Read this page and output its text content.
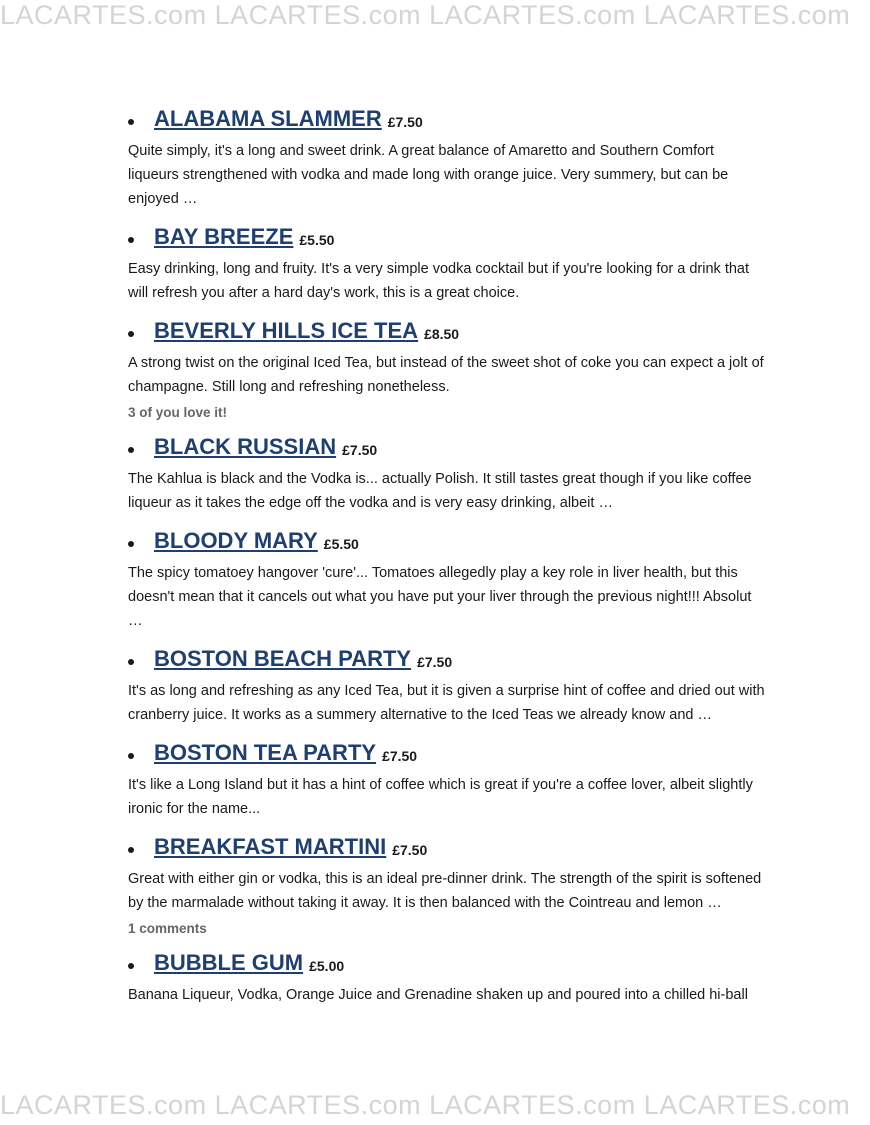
LACARTES.com LACARTES.com LACARTES.com LACARTES.com
ALABAMA SLAMMER £7.50

Quite simply, it's a long and sweet drink. A great balance of Amaretto and Southern Comfort liqueurs strengthened with vodka and made long with orange juice. Very summery, but can be enjoyed …

BAY BREEZE £5.50

Easy drinking, long and fruity. It's a very simple vodka cocktail but if you're looking for a drink that will refresh you after a hard day's work, this is a great choice.

BEVERLY HILLS ICE TEA £8.50

A strong twist on the original Iced Tea, but instead of the sweet shot of coke you can expect a jolt of champagne. Still long and refreshing nonetheless.

3 of you love it!
BLACK RUSSIAN £7.50

The Kahlua is black and the Vodka is... actually Polish. It still tastes great though if you like coffee liqueur as it takes the edge off the vodka and is very easy drinking, albeit …

BLOODY MARY £5.50

The spicy tomatoey hangover 'cure'... Tomatoes allegedly play a key role in liver health, but this doesn't mean that it cancels out what you have put your liver through the previous night!!! Absolut …

BOSTON BEACH PARTY £7.50

It's as long and refreshing as any Iced Tea, but it is given a surprise hint of coffee and dried out with cranberry juice. It works as a summery alternative to the Iced Teas we already know and …

BOSTON TEA PARTY £7.50

It's like a Long Island but it has a hint of coffee which is great if you're a coffee lover, albeit slightly ironic for the name...

BREAKFAST MARTINI £7.50

Great with either gin or vodka, this is an ideal pre-dinner drink. The strength of the spirit is softened by the marmalade without taking it away. It is then balanced with the Cointreau and lemon …

1 comments
BUBBLE GUM £5.00

Banana Liqueur, Vodka, Orange Juice and Grenadine shaken up and poured into a chilled hi-ball

LACARTES.com LACARTES.com LACARTES.com LACARTES.com
